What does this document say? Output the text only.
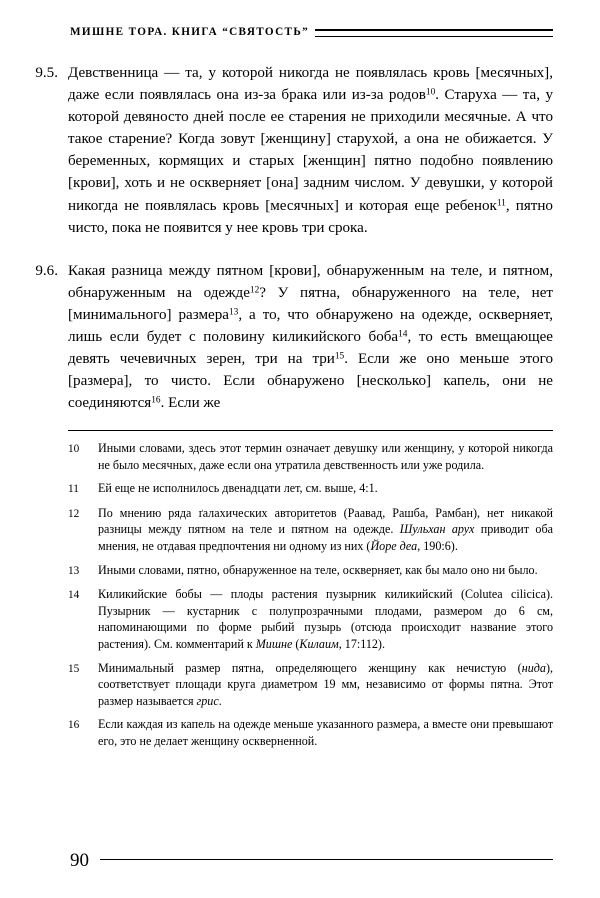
МИШНЕ ТОРА. КНИГА “СВЯТОСТЬ”
9.5. Девственница — та, у которой никогда не появлялась кровь [месячных], даже если появлялась она из-за брака или из-за родов$^{10}$. Старуха — та, у которой девяносто дней после ее старения не приходили месячные. А что такое старение? Когда зовут [женщину] старухой, а она не обижается. У беременных, кормящих и старых [женщин] пятно подобно появлению [крови], хоть и не оскверняет [она] задним числом. У девушки, у которой никогда не появлялась кровь [месячных] и которая еще ребенок$^{11}$, пятно чисто, пока не появится у нее кровь три срока.
9.6. Какая разница между пятном [крови], обнаруженным на теле, и пятном, обнаруженным на одежде$^{12}$? У пятна, обнаруженного на теле, нет [минимального] размера$^{13}$, а то, что обнаружено на одежде, оскверняет, лишь если будет с половину киликийского боба$^{14}$, то есть вмещающее девять чечевичных зерен, три на три$^{15}$. Если же оно меньше этого [размера], то чисто. Если обнаружено [несколько] капель, они не соединяются$^{16}$. Если же
10	Иными словами, здесь этот термин означает девушку или женщину, у которой никогда не было месячных, даже если она утратила девственность или уже родила.
11	Ей еще не исполнилось двенадцати лет, см. выше, 4:1.
12	По мнению ряда ґалахических авторитетов (Раавад, Рашба, Рамбан), нет никакой разницы между пятном на теле и пятном на одежде. Шульхан арух приводит оба мнения, не отдавая предпочтения ни одному из них (Йоре деа, 190:6).
13	Иными словами, пятно, обнаруженное на теле, оскверняет, как бы мало оно ни было.
14	Киликийские бобы — плоды растения пузырник киликийский (Colutea cilicica). Пузырник — кустарник с полупрозрачными плодами, размером до 6 см, напоминающими по форме рыбий пузырь (отсюда происходит название этого растения). См. комментарий к Мишне (Килаим, 17:112).
15	Минимальный размер пятна, определяющего женщину как нечистую (нида), соответствует площади круга диаметром 19 мм, независимо от формы пятна. Этот размер называется грис.
16	Если каждая из капель на одежде меньше указанного размера, а вместе они превышают его, это не делает женщину оскверненной.
90
